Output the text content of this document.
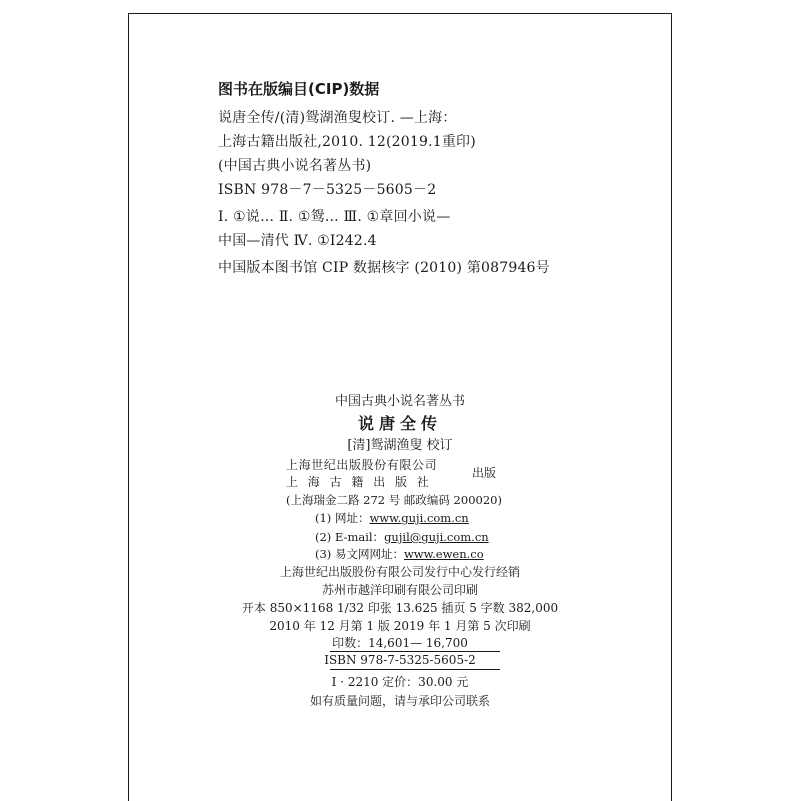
图书在版编目(CIP)数据
说唐全传/(清)鸳湖渔叟校订. —上海：
上海古籍出版社,2010. 12(2019.1重印)
(中国古典小说名著丛书)
ISBN 978－7－5325－5605－2
Ⅰ. ①说… Ⅱ. ①鸳… Ⅲ. ①章回小说—
中国—清代 Ⅳ. ①I242.4
中国版本图书馆 CIP 数据核字 (2010) 第087946号
中国古典小说名著丛书
说唐全传
[清]鸳湖渔叟 校订
上海世纪出版股份有限公司
上海古籍出版社
出版
(上海瑞金二路 272 号 邮政编码 200020)
(1) 网址：www.guji.com.cn
(2) E-mail：gujil@guji.com.cn
(3) 易文网网址：www.ewen.co
上海世纪出版股份有限公司发行中心发行经销
苏州市越洋印刷有限公司印刷
开本 850×1168 1/32 印张 13.625 插页 5 字数 382,000
2010 年 12 月第 1 版 2019 年 1 月第 5 次印刷
印数：14,601— 16,700
ISBN 978-7-5325-5605-2
I · 2210 定价：30.00 元
如有质量问题，请与承印公司联系
